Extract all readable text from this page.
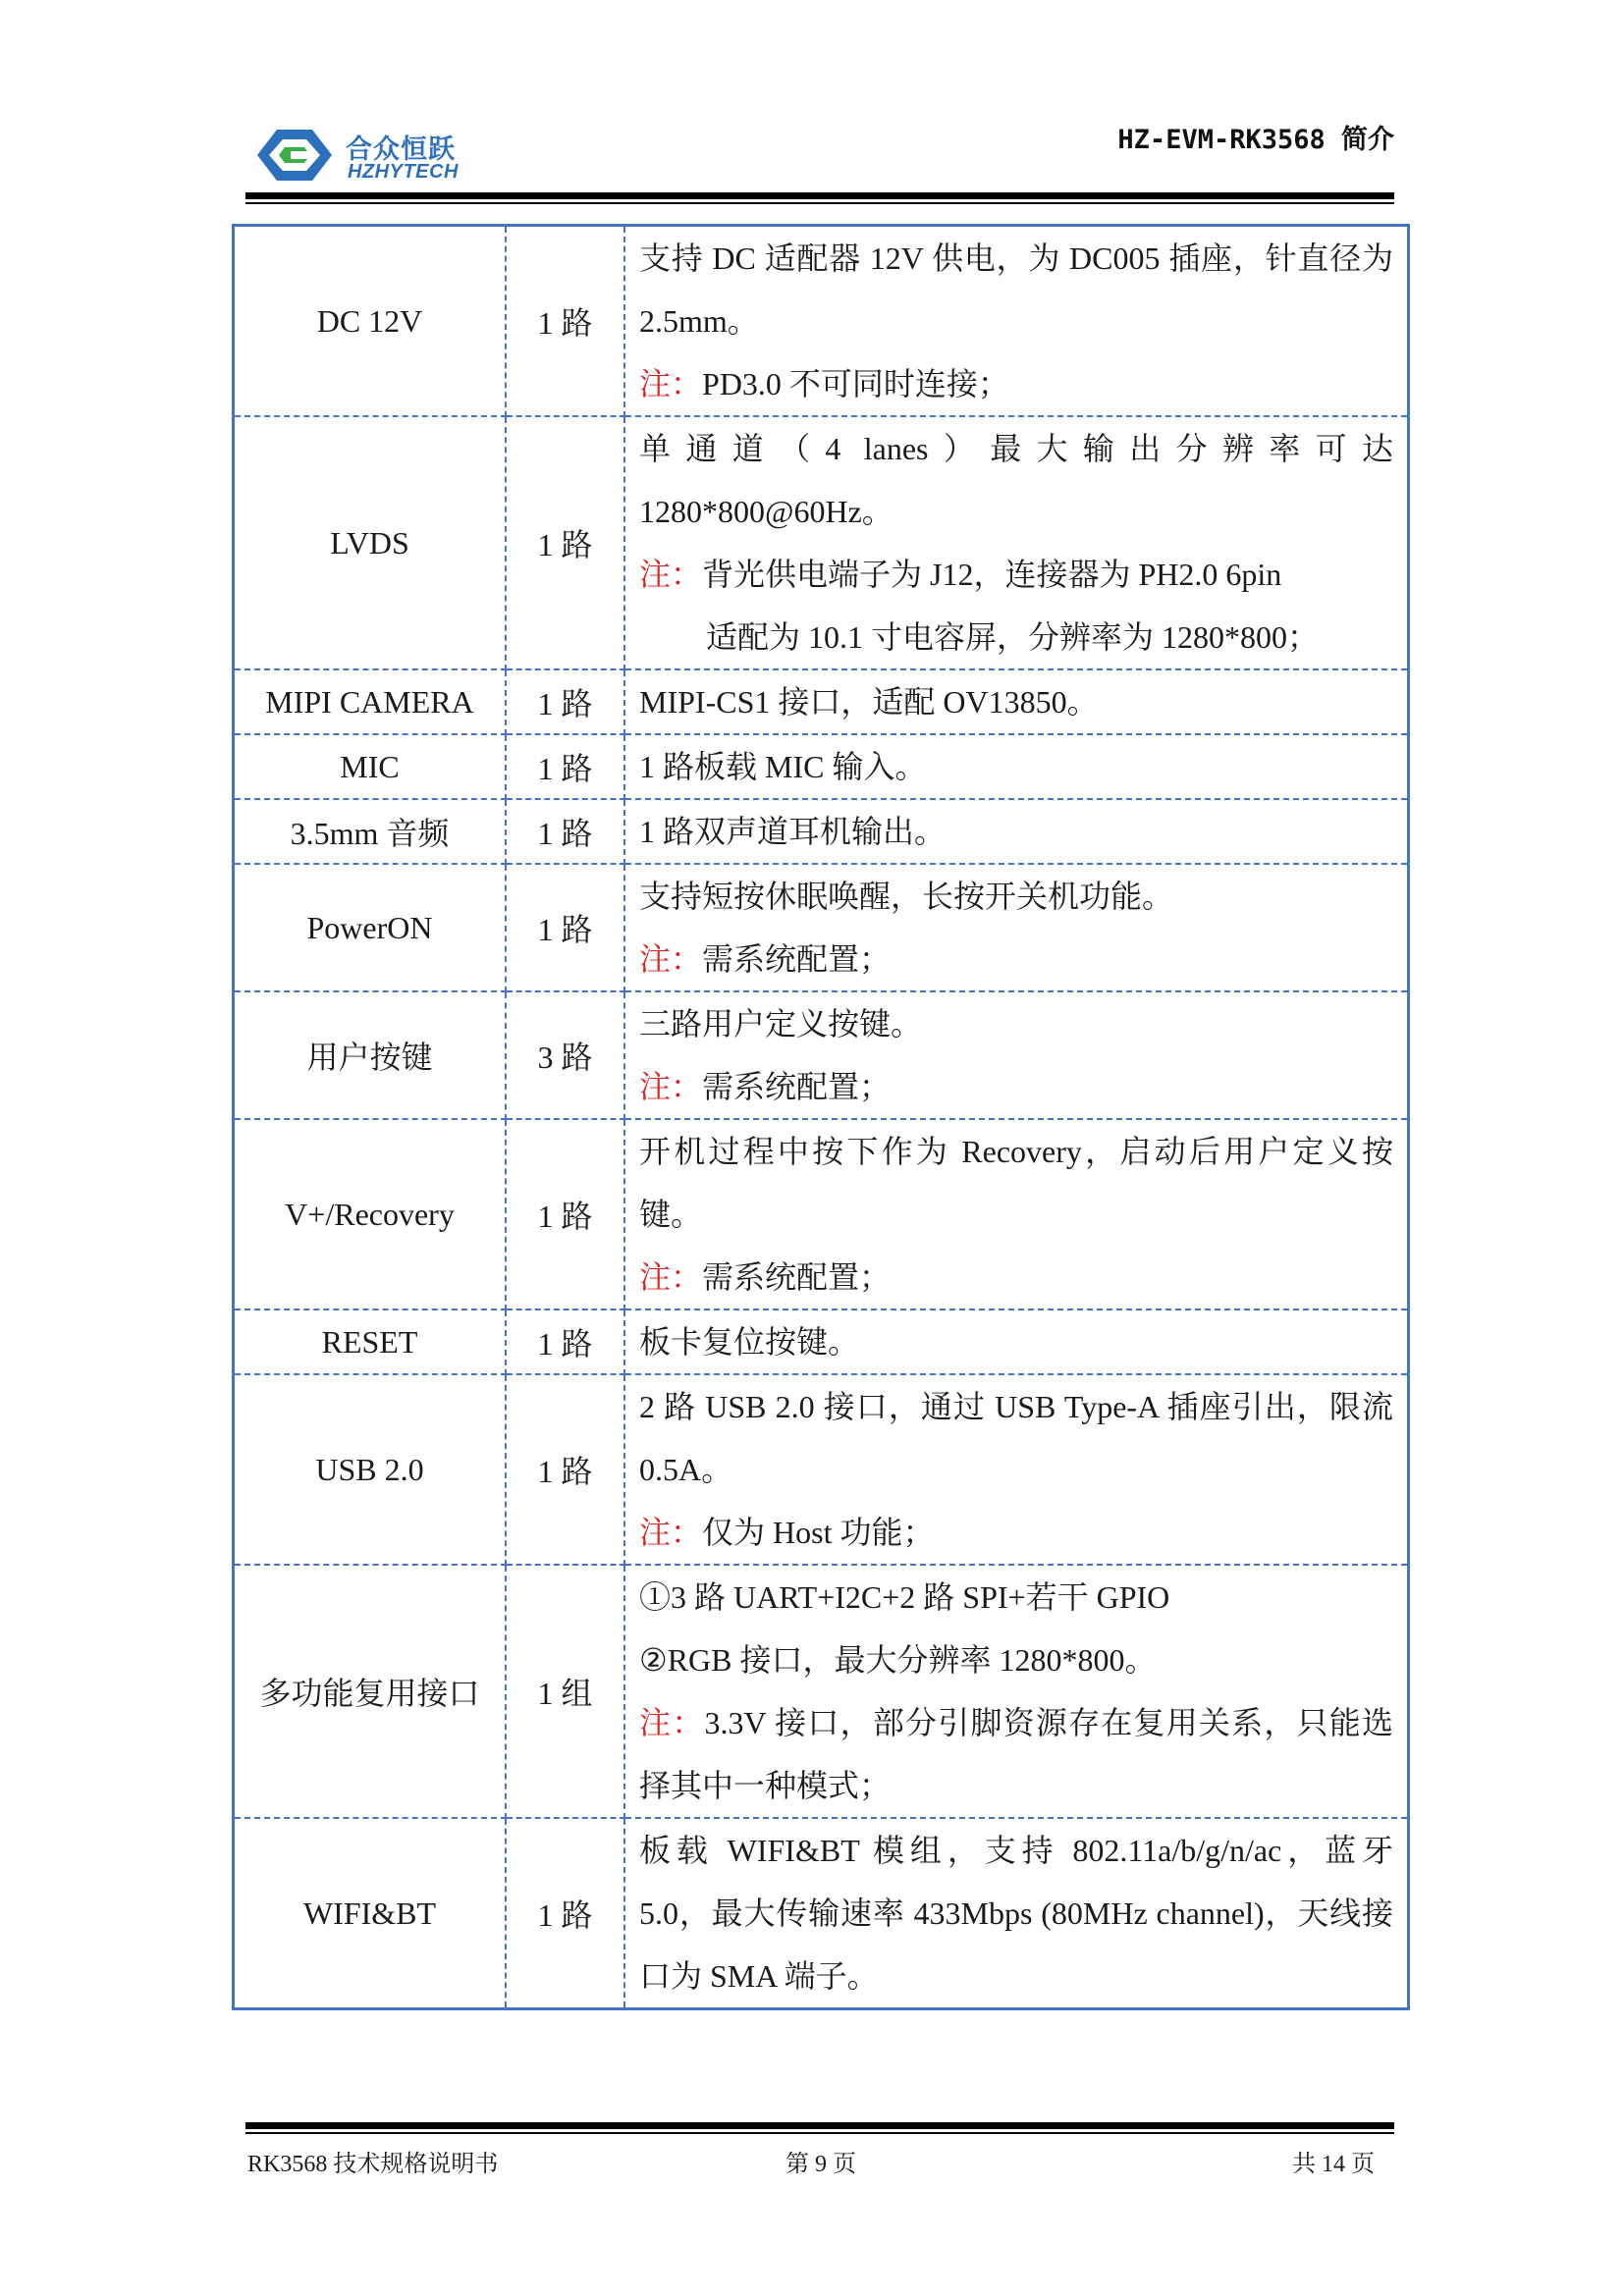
合众恒跃
HZHYTECH
HZ-EVM-RK3568 简介
DC 12V	1 路	支持 DC 适配器 12V 供电，为 DC005 插座，针直径为 2.5mm。
注：PD3.0 不可同时连接；

LVDS	1 路	单通道（4 lanes）最大输出分辨率可达 1280*800@60Hz。
注：背光供电端子为 J12，连接器为 PH2.0 6pin
适配为 10.1 寸电容屏，分辨率为 1280*800；

MIPI CAMERA	1 路	MIPI-CS1 接口，适配 OV13850。

MIC	1 路	1 路板载 MIC 输入。

3.5mm 音频	1 路	1 路双声道耳机输出。

PowerON	1 路	支持短按休眠唤醒，长按开关机功能。
注：需系统配置；

用户按键	3 路	三路用户定义按键。
注：需系统配置；

V+/Recovery	1 路	开机过程中按下作为 Recovery，启动后用户定义按键。
注：需系统配置；

RESET	1 路	板卡复位按键。

USB 2.0	1 路	2 路 USB 2.0 接口，通过 USB Type-A 插座引出，限流 0.5A。
注：仅为 Host 功能；

多功能复用接口	1 组	①3 路 UART+I2C+2 路 SPI+若干 GPIO
②RGB 接口，最大分辨率 1280*800。
注：3.3V 接口，部分引脚资源存在复用关系，只能选择其中一种模式；

WIFI&BT	1 路	板载 WIFI&BT 模组，支持 802.11a/b/g/n/ac，蓝牙 5.0，最大传输速率 433Mbps (80MHz channel)，天线接口为 SMA 端子。
RK3568 技术规格说明书	第 9 页	共 14 页
